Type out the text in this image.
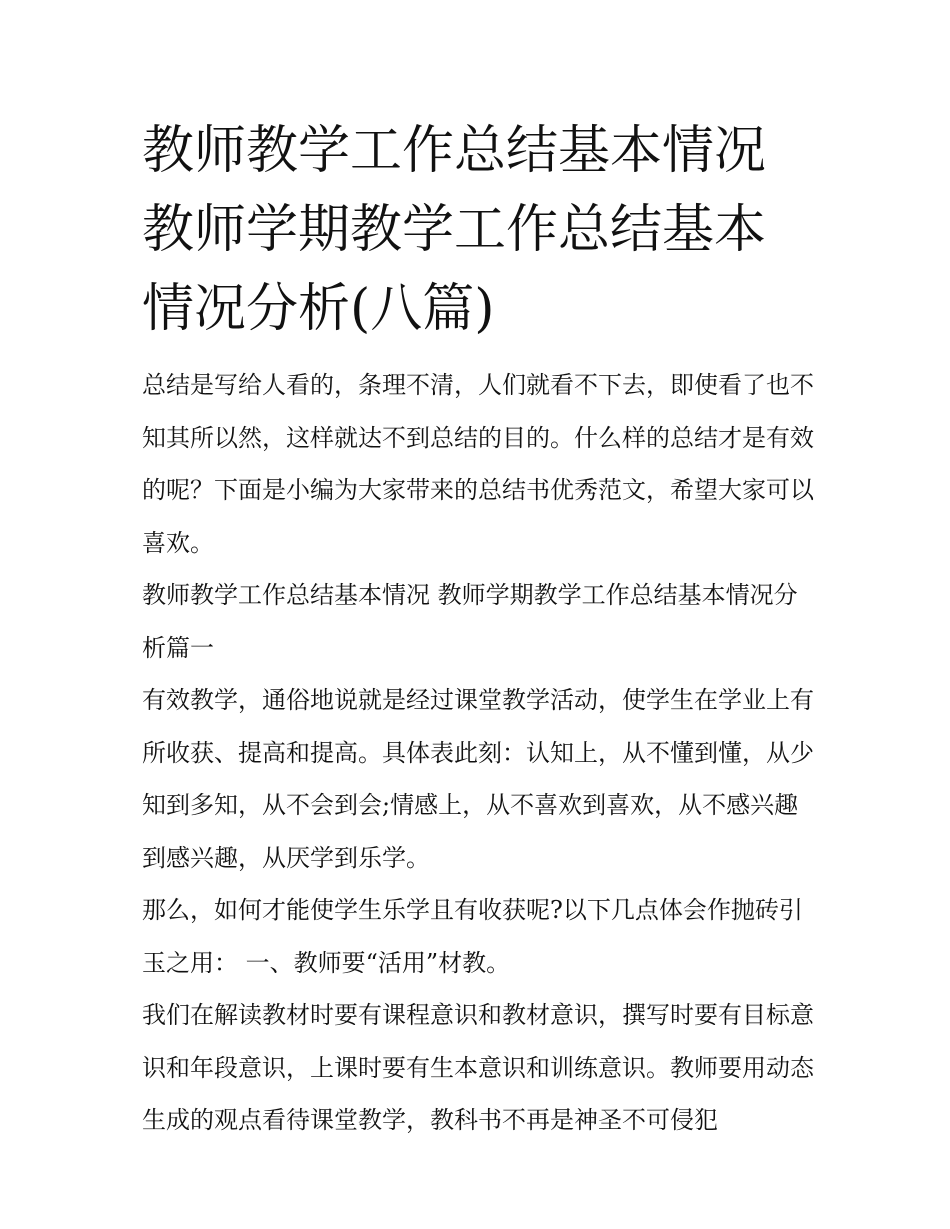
教师教学工作总结基本情况 教师学期教学工作总结基本情况分析(八篇)

总结是写给人看的，条理不清，人们就看不下去，即使看了也不知其所以然，这样就达不到总结的目的。什么样的总结才是有效的呢？下面是小编为大家带来的总结书优秀范文，希望大家可以喜欢。

教师教学工作总结基本情况 教师学期教学工作总结基本情况分析篇一

有效教学，通俗地说就是经过课堂教学活动，使学生在学业上有所收获、提高和提高。具体表此刻：认知上，从不懂到懂，从少知到多知，从不会到会;情感上，从不喜欢到喜欢，从不感兴趣到感兴趣，从厌学到乐学。

那么，如何才能使学生乐学且有收获呢?以下几点体会作抛砖引玉之用： 一、教师要“活用”材教。

我们在解读教材时要有课程意识和教材意识，撰写时要有目标意识和年段意识，上课时要有生本意识和训练意识。教师要用动态生成的观点看待课堂教学，教科书不再是神圣不可侵犯
